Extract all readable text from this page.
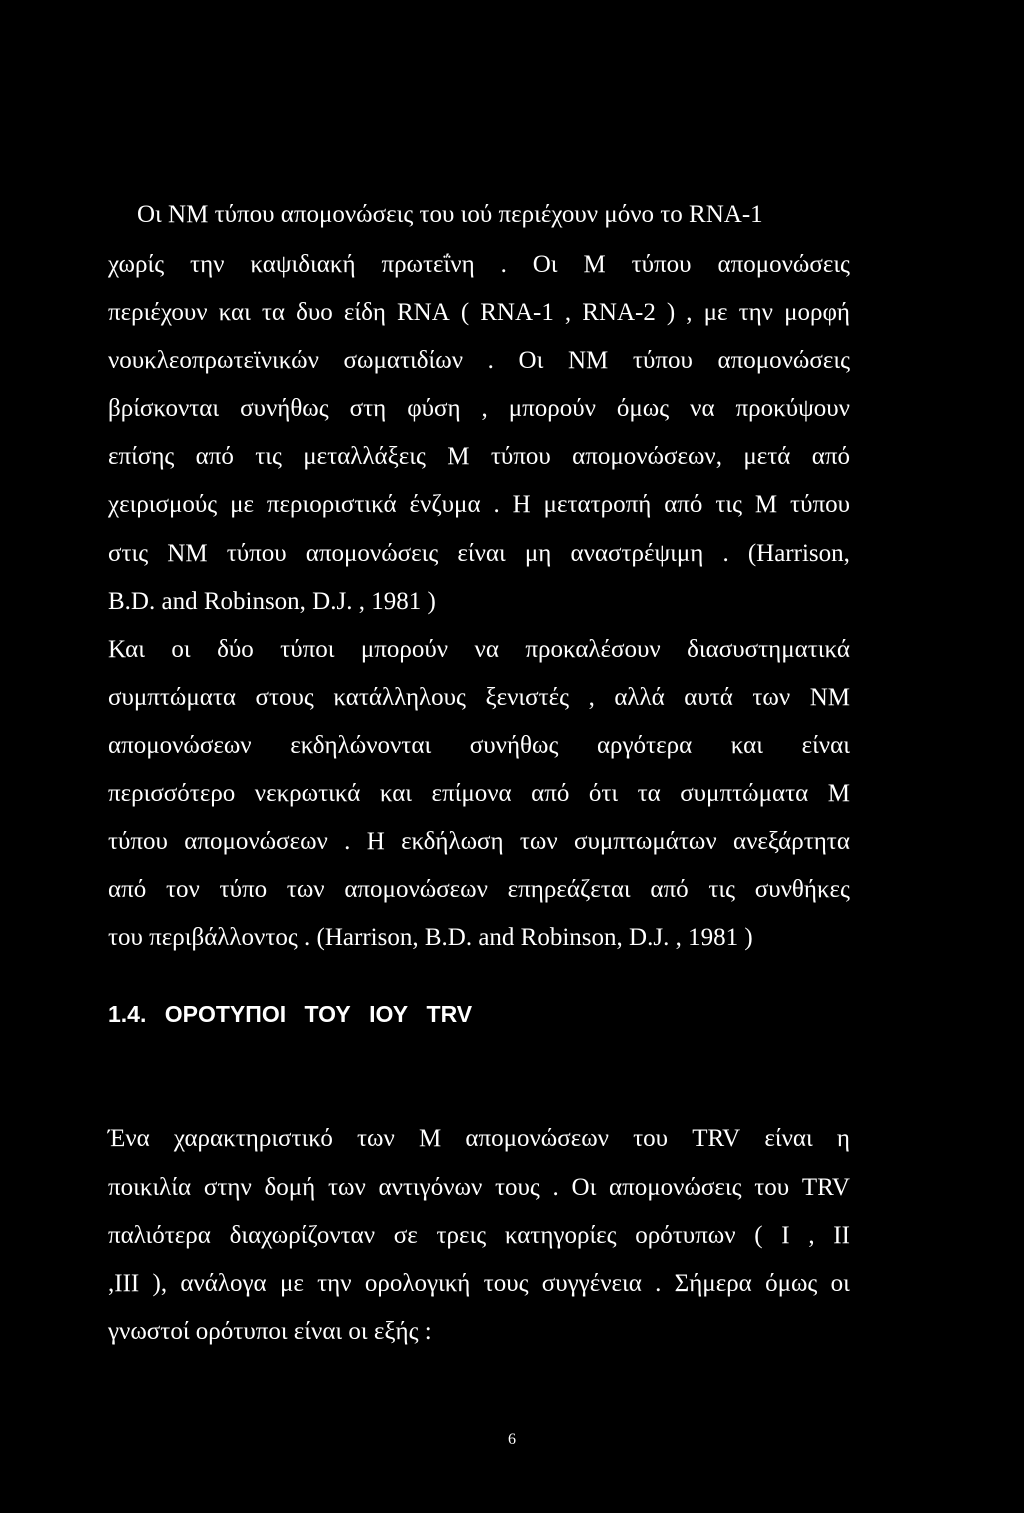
Οι ΝΜ τύπου απομονώσεις του ιού περιέχουν μόνο το RNA-1
χωρίς την καψιδιακή πρωτεΐνη . Οι Μ τύπου απομονώσεις
περιέχουν και τα δυο είδη RNA ( RNA-1 , RNA-2 ) , με την μορφή
νουκλεοπρωτεϊνικών σωματιδίων . Οι ΝΜ τύπου απομονώσεις
βρίσκονται συνήθως στη φύση , μπορούν όμως να προκύψουν
επίσης από τις μεταλλάξεις Μ τύπου απομονώσεων, μετά από
χειρισμούς με περιοριστικά ένζυμα . Η μετατροπή από τις Μ τύπου
στις ΝΜ τύπου απομονώσεις είναι μη αναστρέψιμη . (Harrison,
B.D. and Robinson, D.J. , 1981 )
Και οι δύο τύποι μπορούν να προκαλέσουν διασυστηματικά
συμπτώματα στους κατάλληλους ξενιστές , αλλά αυτά των ΝΜ
απομονώσεων εκδηλώνονται συνήθως αργότερα και είναι
περισσότερο νεκρωτικά και επίμονα από ότι τα συμπτώματα Μ
τύπου απομονώσεων . Η εκδήλωση των συμπτωμάτων ανεξάρτητα
από τον τύπο των απομονώσεων επηρεάζεται από τις συνθήκες
του περιβάλλοντος . (Harrison, B.D. and Robinson, D.J. , 1981 )
1.4. ΟΡΟΤΥΠΟΙ ΤΟΥ ΙΟΥ TRV
Ένα χαρακτηριστικό των Μ απομονώσεων του TRV είναι η
ποικιλία στην δομή των αντιγόνων τους . Οι απομονώσεις του TRV
παλιότερα διαχωρίζονταν σε τρεις κατηγορίες ορότυπων ( Ι , ΙΙ
,ΙΙΙ ), ανάλογα με την ορολογική τους συγγένεια . Σήμερα όμως οι
γνωστοί ορότυποι είναι οι εξής :
6
